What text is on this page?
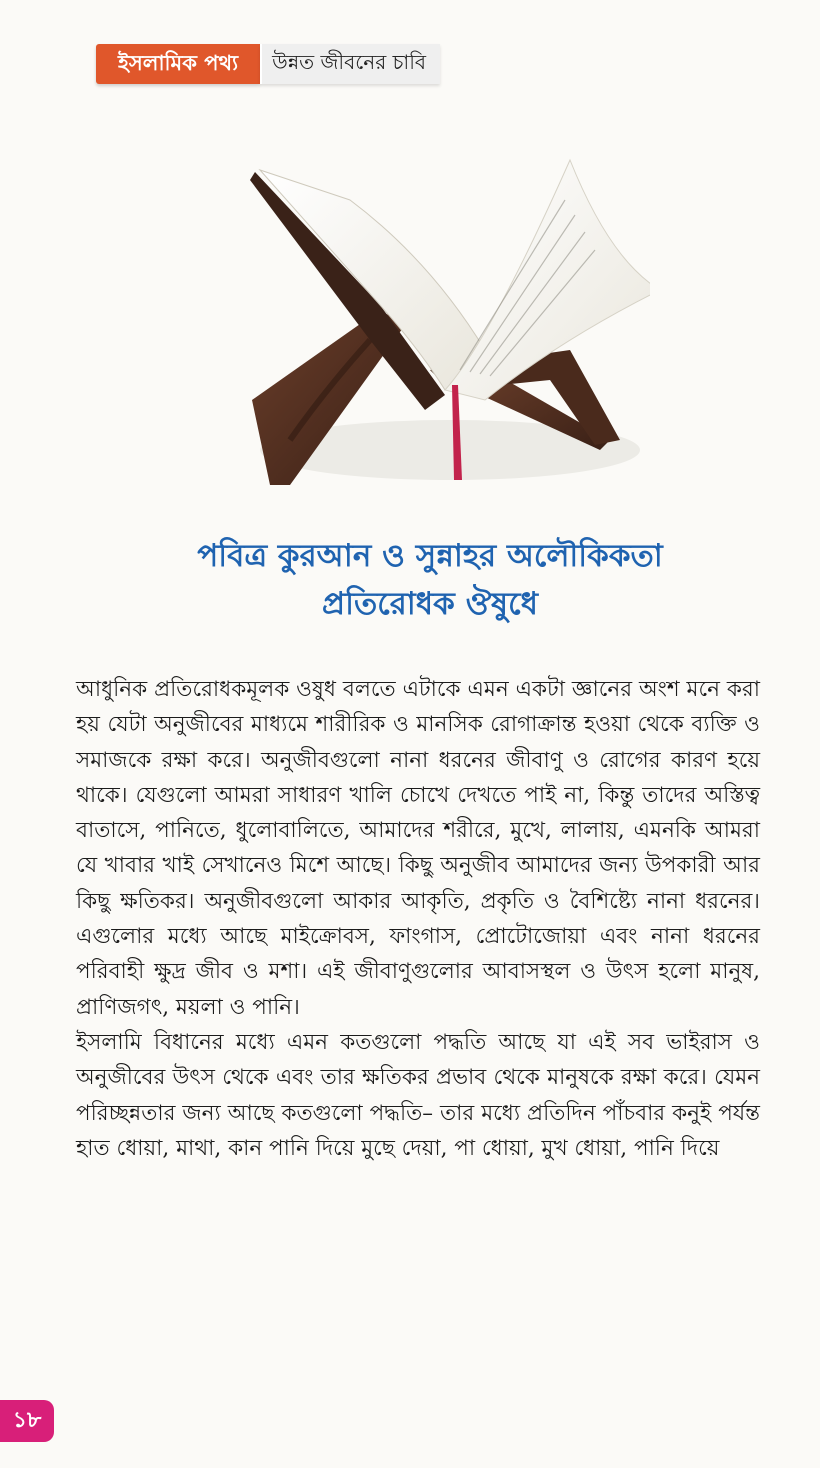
ইসলামিক পথ্য	উন্নত জীবনের চাবি
পবিত্র কুরআন ও সুন্নাহর অলৌকিকতা
প্রতিরোধক ঔষুধে

আধুনিক প্রতিরোধকমূলক ওষুধ বলতে এটাকে এমন একটা জ্ঞানের অংশ মনে করা হয় যেটা অনুজীবের মাধ্যমে শারীরিক ও মানসিক রোগাক্রান্ত হওয়া থেকে ব্যক্তি ও সমাজকে রক্ষা করে। অনুজীবগুলো নানা ধরনের জীবাণু ও রোগের কারণ হয়ে থাকে। যেগুলো আমরা সাধারণ খালি চোখে দেখতে পাই না, কিন্তু তাদের অস্তিত্ব বাতাসে, পানিতে, ধুলোবালিতে, আমাদের শরীরে, মুখে, লালায়, এমনকি আমরা যে খাবার খাই সেখানেও মিশে আছে। কিছু অনুজীব আমাদের জন্য উপকারী আর কিছু ক্ষতিকর। অনুজীবগুলো আকার আকৃতি, প্রকৃতি ও বৈশিষ্ট্যে নানা ধরনের। এগুলোর মধ্যে আছে মাইক্রোবস, ফাংগাস, প্রোটোজোয়া এবং নানা ধরনের পরিবাহী ক্ষুদ্র জীব ও মশা। এই জীবাণুগুলোর আবাসস্থল ও উৎস হলো মানুষ, প্রাণিজগৎ, ময়লা ও পানি।

ইসলামি বিধানের মধ্যে এমন কতগুলো পদ্ধতি আছে যা এই সব ভাইরাস ও অনুজীবের উৎস থেকে এবং তার ক্ষতিকর প্রভাব থেকে মানুষকে রক্ষা করে। যেমন পরিচ্ছন্নতার জন্য আছে কতগুলো পদ্ধতি– তার মধ্যে প্রতিদিন পাঁচবার কনুই পর্যন্ত হাত ধোয়া, মাথা, কান পানি দিয়ে মুছে দেয়া, পা ধোয়া, মুখ ধোয়া, পানি দিয়ে

১৮
